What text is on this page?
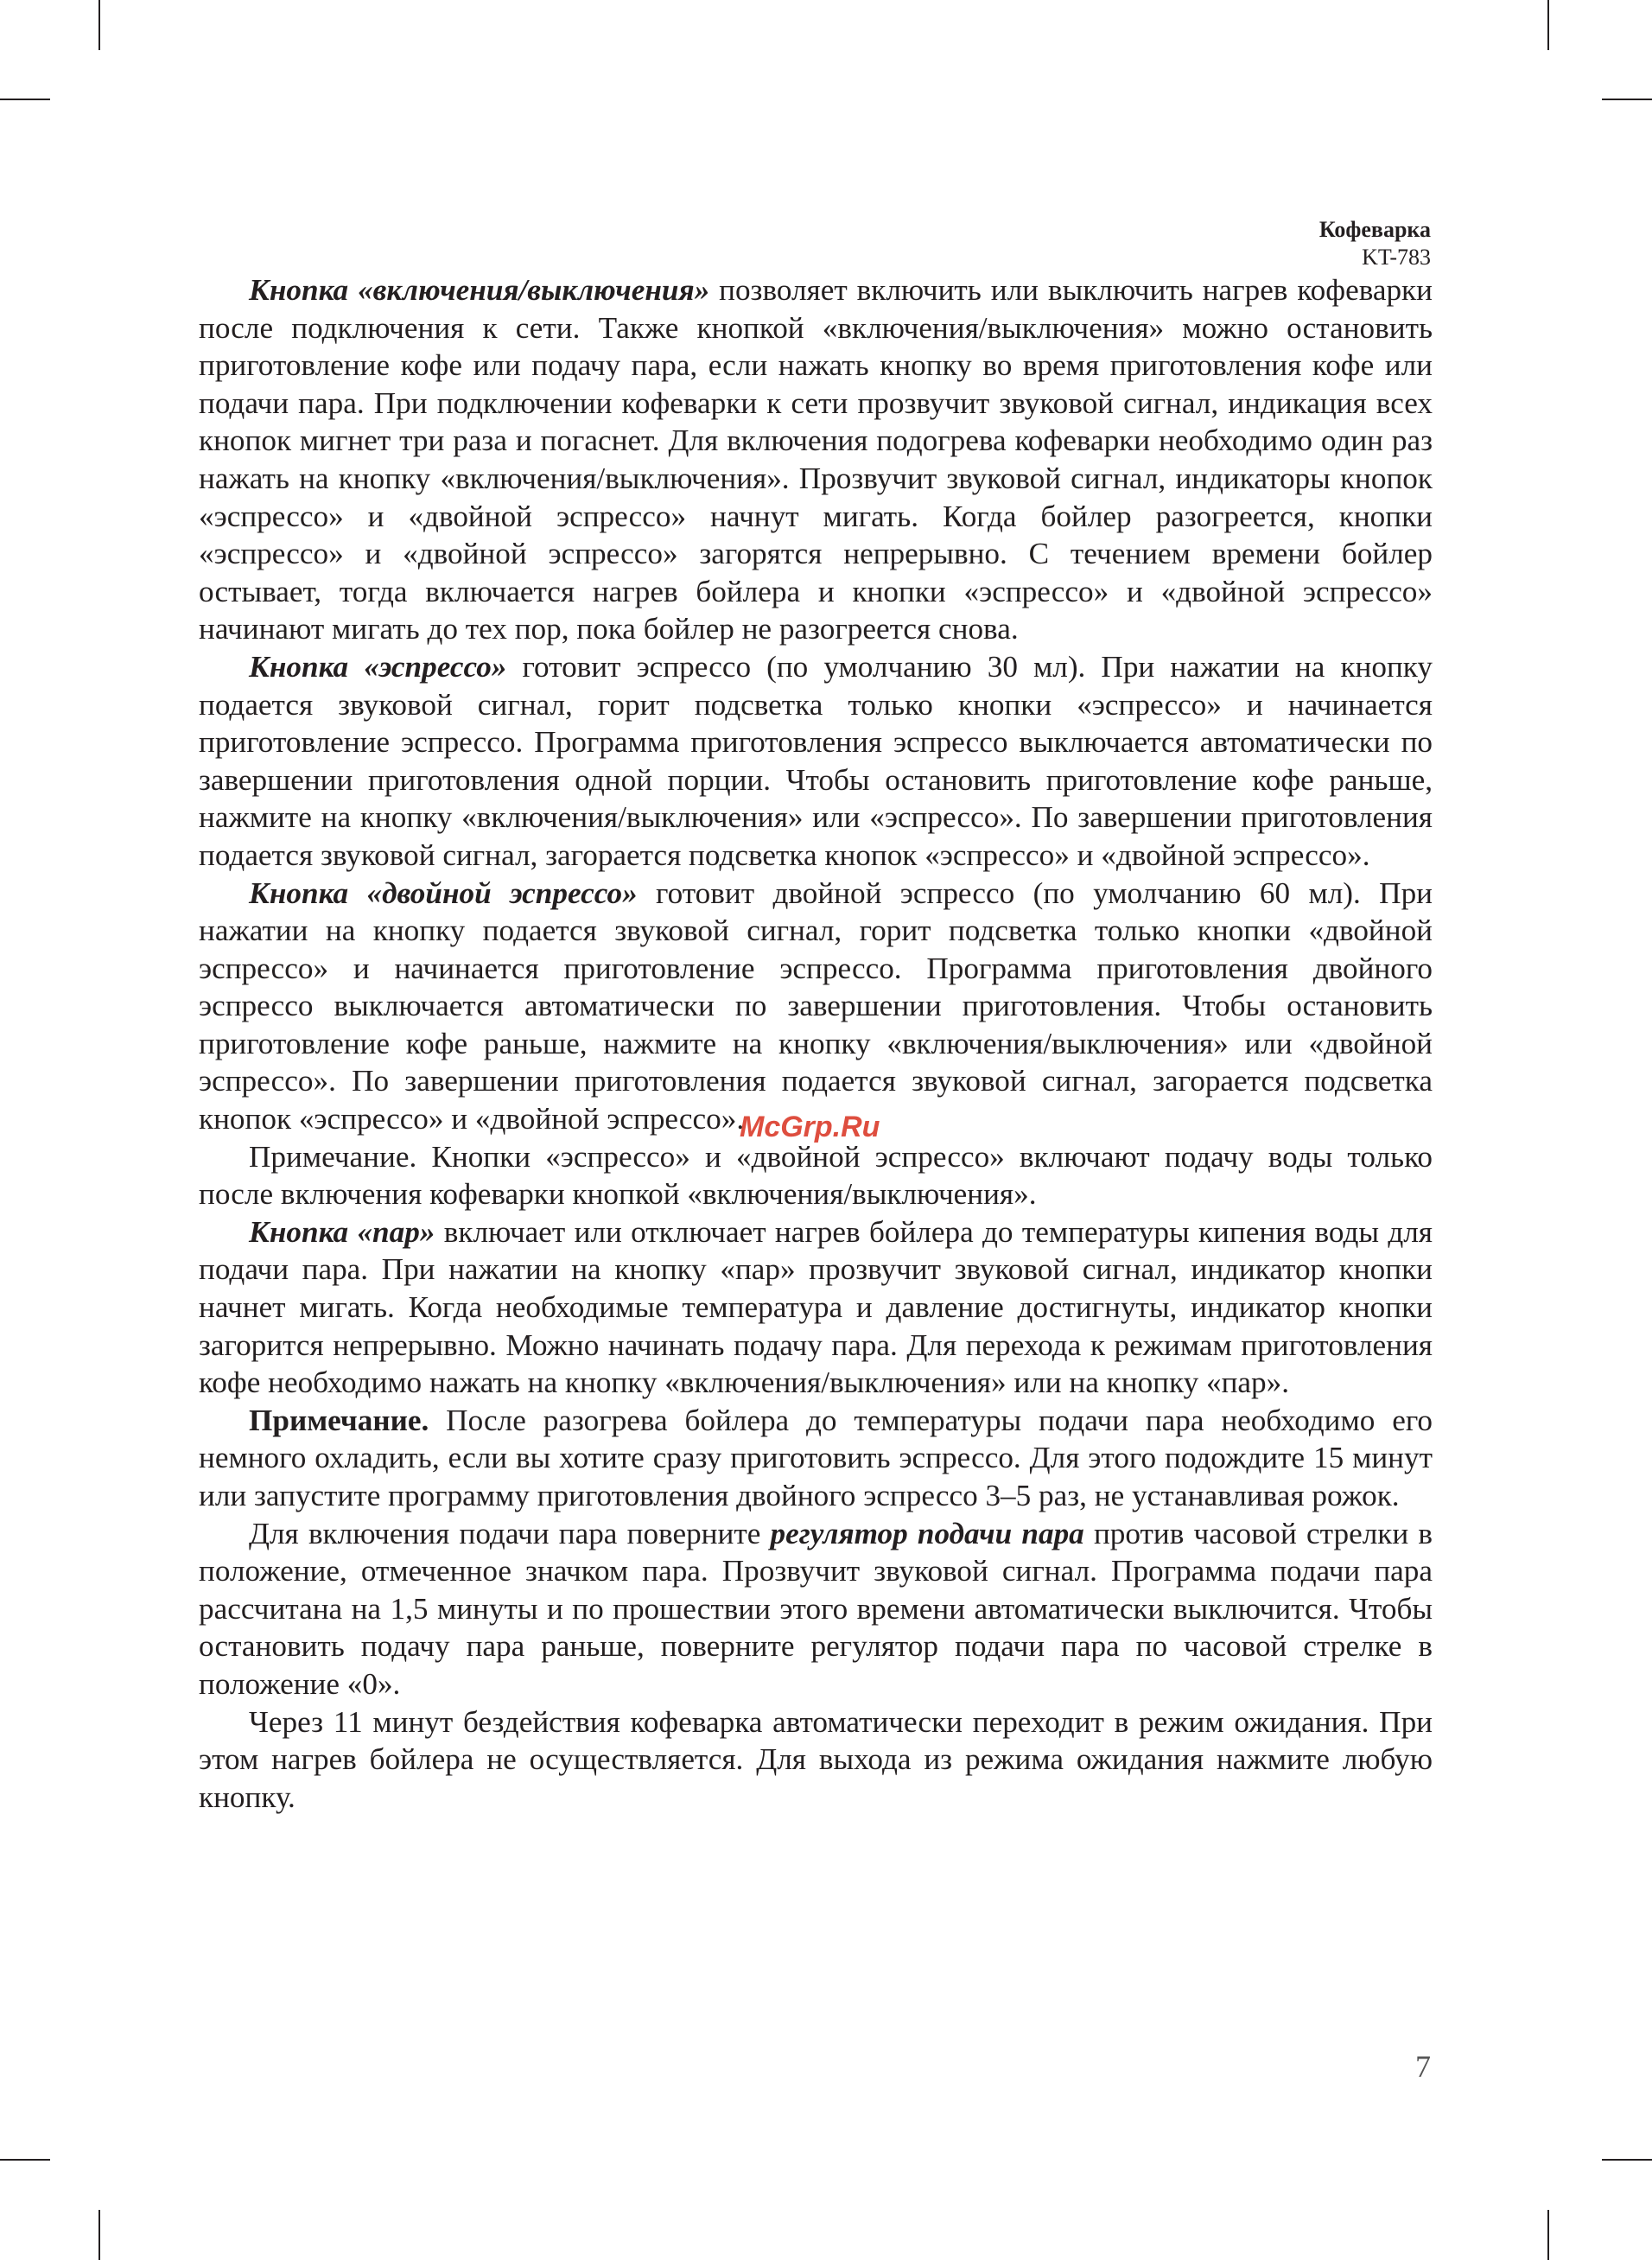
Кофеварка
KT-783

Кнопка «включения/выключения» позволяет включить или выключить нагрев кофеварки после подключения к сети. Также кнопкой «включения/выключения» можно остановить приготовление кофе или подачу пара, если нажать кнопку во время приготовления кофе или подачи пара. При подключении кофеварки к сети прозвучит звуковой сигнал, индикация всех кнопок мигнет три раза и погаснет. Для включения подогрева кофеварки необходимо один раз нажать на кнопку «включения/выключения». Прозвучит звуковой сигнал, индикаторы кнопок «эспрессо» и «двойной эспрессо» начнут мигать. Когда бойлер разогреется, кнопки «эспрессо» и «двойной эспрессо» загорятся непрерывно. С течением времени бойлер остывает, тогда включается нагрев бойлера и кнопки «эспрессо» и «двойной эспрессо» начинают мигать до тех пор, пока бойлер не разогреется снова.

Кнопка «эспрессо» готовит эспрессо (по умолчанию 30 мл). При нажатии на кнопку подается звуковой сигнал, горит подсветка только кнопки «эспрессо» и начинается приготовление эспрессо. Программа приготовления эспрессо выключается автоматически по завершении приготовления одной порции. Чтобы остановить приготовление кофе раньше, нажмите на кнопку «включения/выключения» или «эспрессо». По завершении приготовления подается звуковой сигнал, загорается подсветка кнопок «эспрессо» и «двойной эспрессо».

Кнопка «двойной эспрессо» готовит двойной эспрессо (по умолчанию 60 мл). При нажатии на кнопку подается звуковой сигнал, горит подсветка только кнопки «двойной эспрессо» и начинается приготовление эспрессо. Программа приготовления двойного эспрессо выключается автоматически по завершении приготовления. Чтобы остановить приготовление кофе раньше, нажмите на кнопку «включения/выключения» или «двойной эспрессо». По завершении приготовления подается звуковой сигнал, загорается подсветка кнопок «эспрессо» и «двойной эспрессо».

Примечание. Кнопки «эспрессо» и «двойной эспрессо» включают подачу воды только после включения кофеварки кнопкой «включения/выключения».

Кнопка «пар» включает или отключает нагрев бойлера до температуры кипения воды для подачи пара. При нажатии на кнопку «пар» прозвучит звуковой сигнал, индикатор кнопки начнет мигать. Когда необходимые температура и давление достигнуты, индикатор кнопки загорится непрерывно. Можно начинать подачу пара. Для перехода к режимам приготовления кофе необходимо нажать на кнопку «включения/выключения» или на кнопку «пар».

Примечание. После разогрева бойлера до температуры подачи пара необходимо его немного охладить, если вы хотите сразу приготовить эспрессо. Для этого подождите 15 минут или запустите программу приготовления двойного эспрессо 3–5 раз, не устанавливая рожок.

Для включения подачи пара поверните регулятор подачи пара против часовой стрелки в положение, отмеченное значком пара. Прозвучит звуковой сигнал. Программа подачи пара рассчитана на 1,5 минуты и по прошествии этого времени автоматически выключится. Чтобы остановить подачу пара раньше, поверните регулятор подачи пара по часовой стрелке в положение «0».

Через 11 минут бездействия кофеварка автоматически переходит в режим ожидания. При этом нагрев бойлера не осуществляется. Для выхода из режима ожидания нажмите любую кнопку.

McGrp.Ru
7
